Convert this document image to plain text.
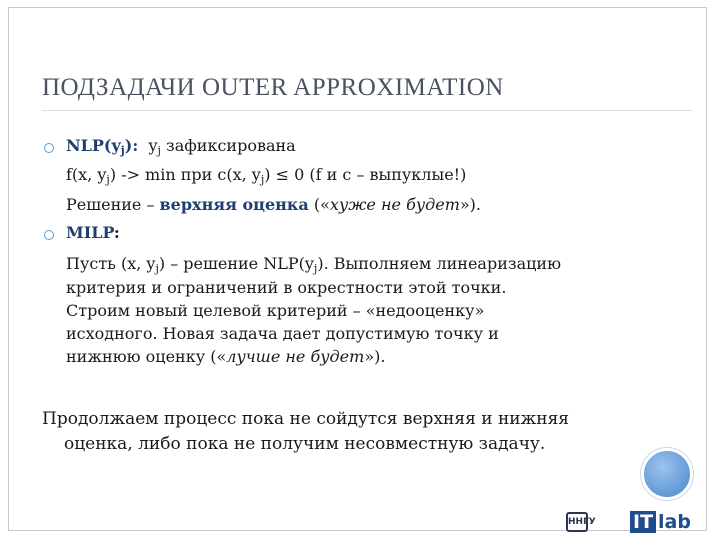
ПОДЗАДАЧИ OUTER APPROXIMATION
$NLP(y_j)$: $y_j$ зафиксирована
f(x, $y_j) -> \min$ при c(x, $y_j) \le 0$ (f и c – выпуклые!)
Решение – верхняя оценка («хуже не будет»).
MILP:
Пусть (x, $y_j$) – решение $NLP(y_j)$. Выполняем линеаризацию
критерия и ограничений в окрестности этой точки.
Строим новый целевой критерий – «недооценку»
исходного. Новая задача дает допустимую точку и
нижнюю оценку («лучше не будет»).
Продолжаем процесс пока не сойдутся верхняя и нижняя
оценка, либо пока не получим несовместную задачу.
ННГУ	IT lab
